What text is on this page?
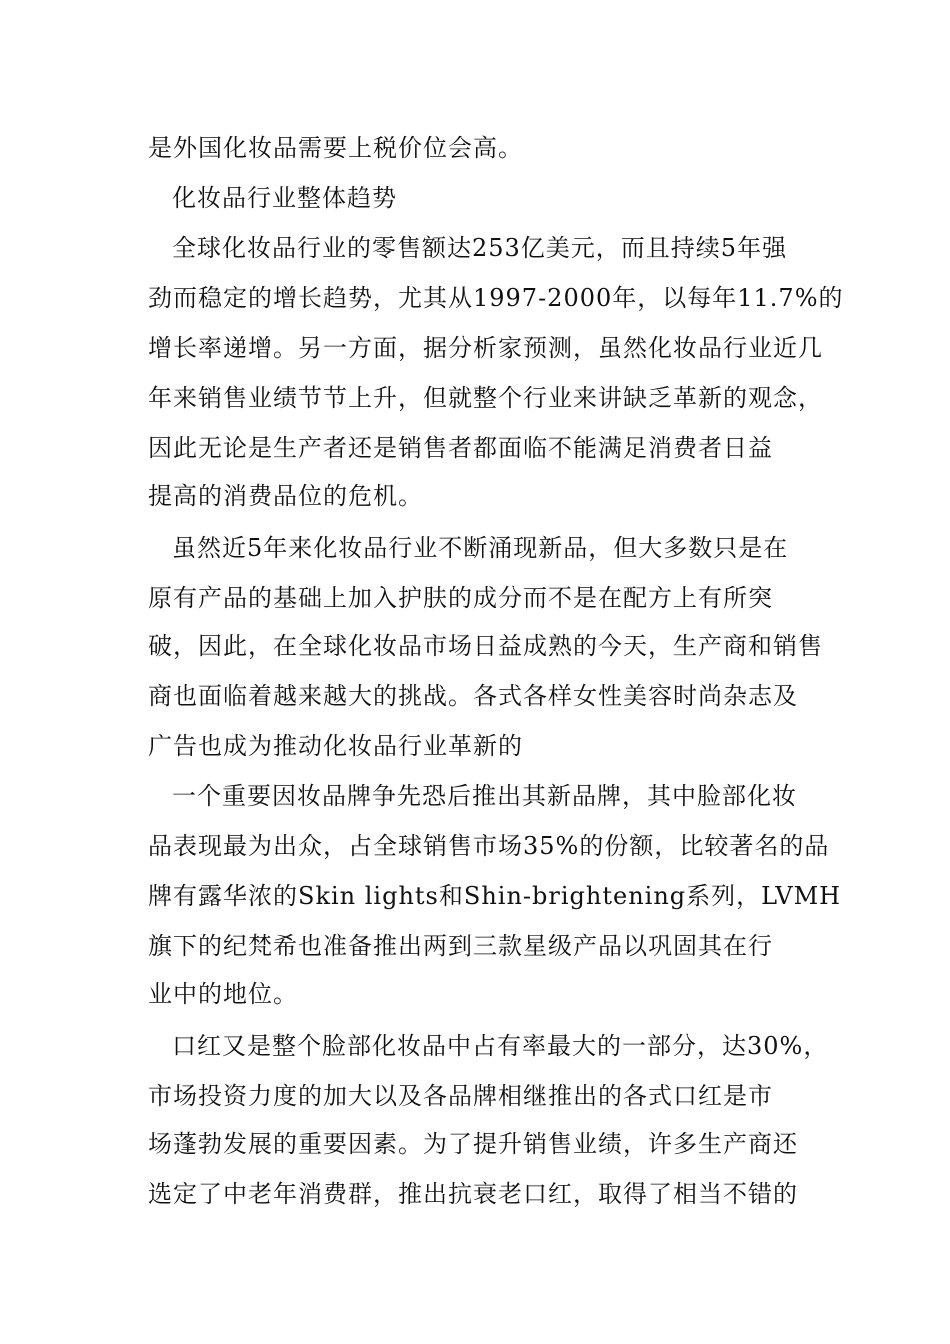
是外国化妆品需要上税价位会高。
化妆品行业整体趋势
全球化妆品行业的零售额达253亿美元，而且持续5年强
劲而稳定的增长趋势，尤其从1997-2000年，以每年11.7%的
增长率递增。另一方面，据分析家预测，虽然化妆品行业近几
年来销售业绩节节上升，但就整个行业来讲缺乏革新的观念，
因此无论是生产者还是销售者都面临不能满足消费者日益
提高的消费品位的危机。
虽然近5年来化妆品行业不断涌现新品，但大多数只是在
原有产品的基础上加入护肤的成分而不是在配方上有所突
破，因此，在全球化妆品市场日益成熟的今天，生产商和销售
商也面临着越来越大的挑战。各式各样女性美容时尚杂志及
广告也成为推动化妆品行业革新的
一个重要因妆品牌争先恐后推出其新品牌，其中脸部化妆
品表现最为出众，占全球销售市场35%的份额，比较著名的品
牌有露华浓的Skin lights和Shin-brightening系列，LVMH
旗下的纪梵希也准备推出两到三款星级产品以巩固其在行
业中的地位。
口红又是整个脸部化妆品中占有率最大的一部分，达30%，
市场投资力度的加大以及各品牌相继推出的各式口红是市
场蓬勃发展的重要因素。为了提升销售业绩，许多生产商还
选定了中老年消费群，推出抗衰老口红，取得了相当不错的
